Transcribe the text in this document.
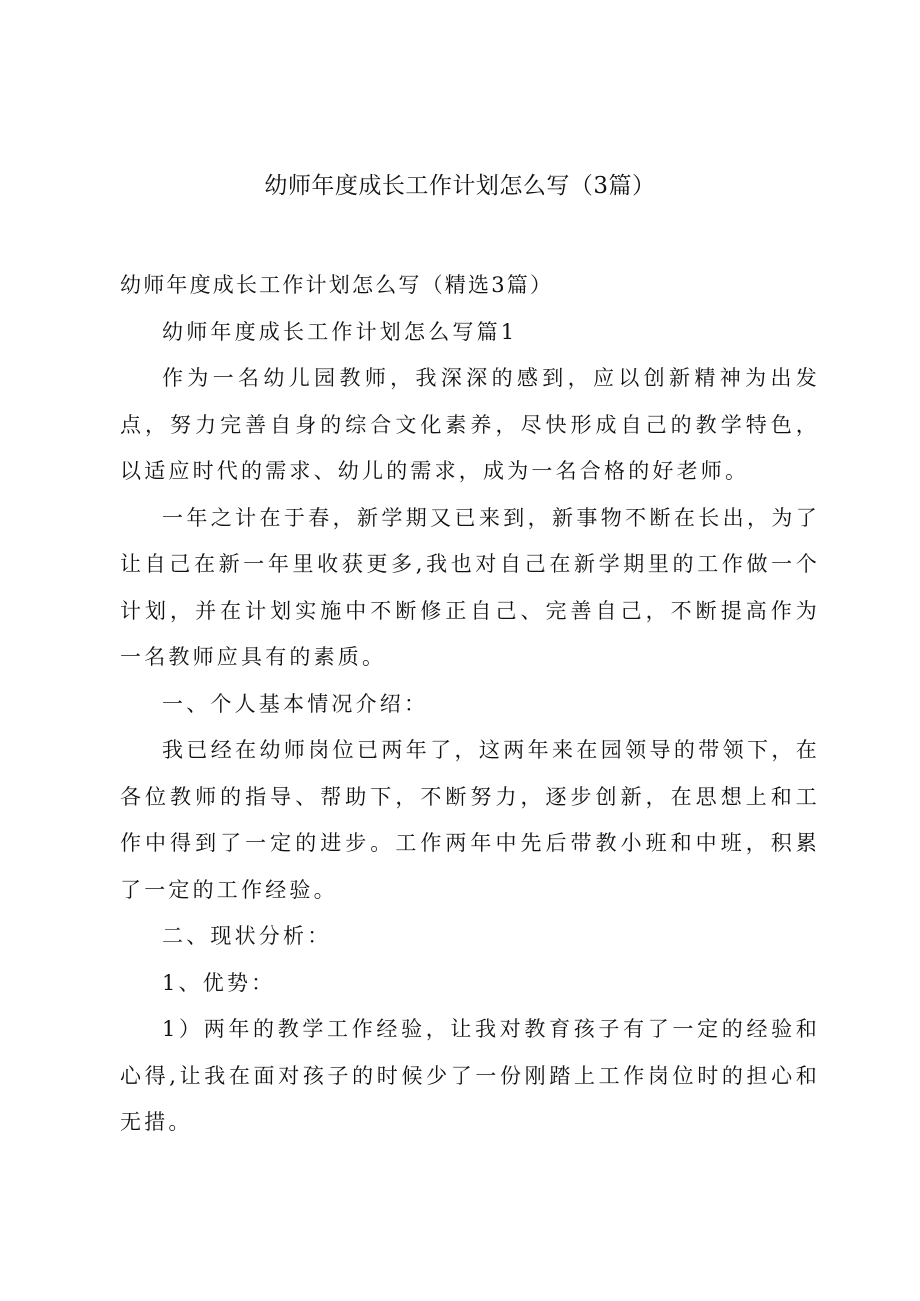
幼师年度成长工作计划怎么写（3篇）

幼师年度成长工作计划怎么写（精选3篇）

幼师年度成长工作计划怎么写篇1

作为一名幼儿园教师，我深深的感到，应以创新精神为出发点，努力完善自身的综合文化素养，尽快形成自己的教学特色，以适应时代的需求、幼儿的需求，成为一名合格的好老师。

一年之计在于春，新学期又已来到，新事物不断在长出，为了让自己在新一年里收获更多,我也对自己在新学期里的工作做一个计划，并在计划实施中不断修正自己、完善自己，不断提高作为一名教师应具有的素质。

一、个人基本情况介绍：

我已经在幼师岗位已两年了，这两年来在园领导的带领下，在各位教师的指导、帮助下，不断努力，逐步创新，在思想上和工作中得到了一定的进步。工作两年中先后带教小班和中班，积累了一定的工作经验。

二、现状分析：

1、优势：

1）两年的教学工作经验，让我对教育孩子有了一定的经验和心得,让我在面对孩子的时候少了一份刚踏上工作岗位时的担心和无措。
